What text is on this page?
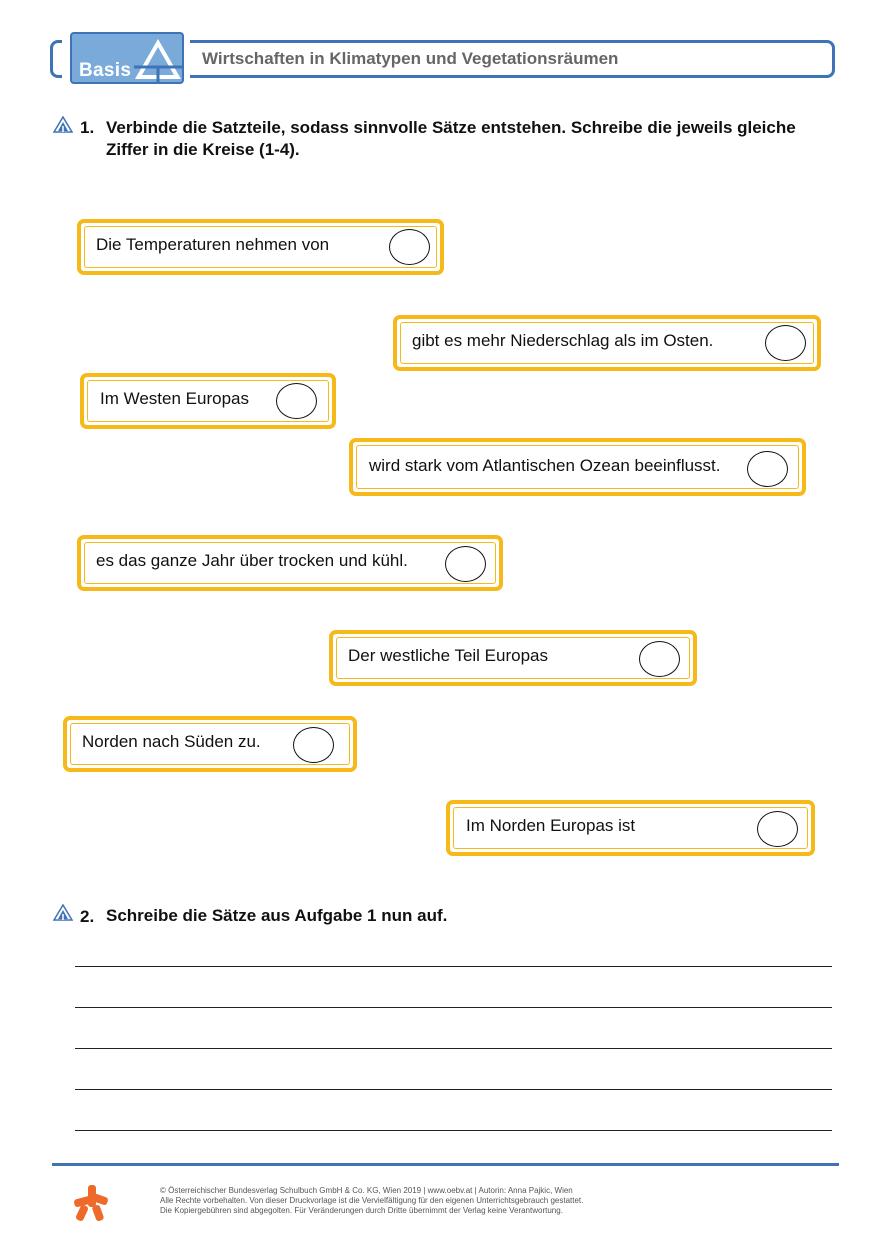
Basis
Wirtschaften in Klimatypen und Vegetationsräumen
1. Verbinde die Satzteile, sodass sinnvolle Sätze entstehen. Schreibe die jeweils gleiche
Ziffer in die Kreise (1-4).
Die Temperaturen nehmen von
gibt es mehr Niederschlag als im Osten.
Im Westen Europas
wird stark vom Atlantischen Ozean beeinflusst.
es das ganze Jahr über trocken und kühl.
Der westliche Teil Europas
Norden nach Süden zu.
Im Norden Europas ist
2. Schreibe die Sätze aus Aufgabe 1 nun auf.
© Österreichischer Bundesverlag Schulbuch GmbH & Co. KG, Wien 2019 | www.oebv.at | Autorin: Anna Pajkic, Wien
Alle Rechte vorbehalten. Von dieser Druckvorlage ist die Vervielfältigung für den eigenen Unterrichtsgebrauch gestattet.
Die Kopiergebühren sind abgegolten. Für Veränderungen durch Dritte übernimmt der Verlag keine Verantwortung.
